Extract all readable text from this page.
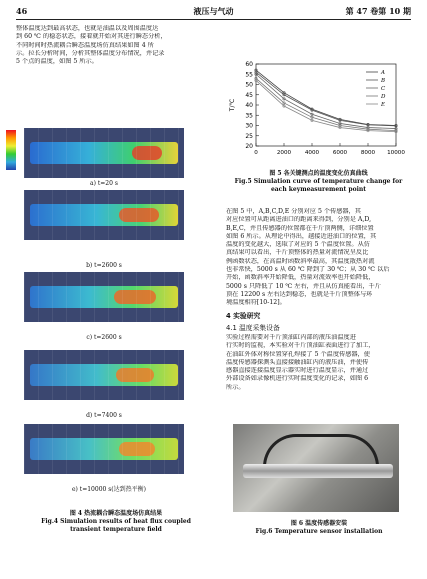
46	液压与气动	第 47 卷第 10 期
整体温度达到最高状态，也就是油温以及周围温度达
到 60 ℃ 的稳态状态，接着就开始对其进行瞬态分析，
不同时间时热流耦合瞬态温度场仿真结果如图 4 所
示。拉长分析时间，分析其整体温度分布情况，并记录
5 个点的温度，如图 5 所示。
a) t=20 s
b) t=2600 s
c) t=2600 s
d) t=7400 s
e) t=10000 s(达到热平衡)
图 4 热流耦合瞬态温度场仿真结果
Fig.4 Simulation results of heat flux coupled
transient temperature field
20
25
30
35
40
45
50
55
60
0	2000 4000 6000 8000 10000
T/℃
A
B
C
D
E
图 5 各关键测点的温度变化仿真曲线
Fig.5 Simulation curve of temperature change for
each keymeasurement point
在图 5 中，A,B,C,D,E 分别对应 5 个传感器，其
对应位置可从距离进油口的距离来得到，分别是 A,D,
B,E,C，并且传感器的位置都在千斤顶两侧，详细位置
如图 6 所示。从理论中得出，越接近进油口的位置，其
温度的变化越大，选取了对应的 5 个温度位置。从仿
真结果可以看出，千斤顶整体的热量对流情况呈反比
例函数状态，在高温时函数斜率最高，其温度散热对流
也非常快，5000 s 从 60 ℃ 降到了 30 ℃；从 30 ℃ 以后
开始，函数斜率开始降低，热量对流效率也开始降低，
5000 s 只降低了 10 ℃ 左右，并且从仿真能看出，千斤
顶在 12200 s 左右达到稳态，也就是千斤顶整体与环
境温度相符[10-12]。
4 实验研究
4.1 温度采集设备
实验过程需要对千斤顶油缸内部的液压油温度进
行实时的监视，本实验对千斤顶油缸表面进行了加工，
在油缸外体对称位置穿孔焊接了 5 个温度传感器，使
温度传感器探测头直接接触油缸内的液压油，并使传
感器直接连接温度显示器实时进行温度显示，并通过
外部设备如录像机进行实时温度变化的记录，如图 6
所示。
图 6 温度传感器安装
Fig.6 Temperature sensor installation
